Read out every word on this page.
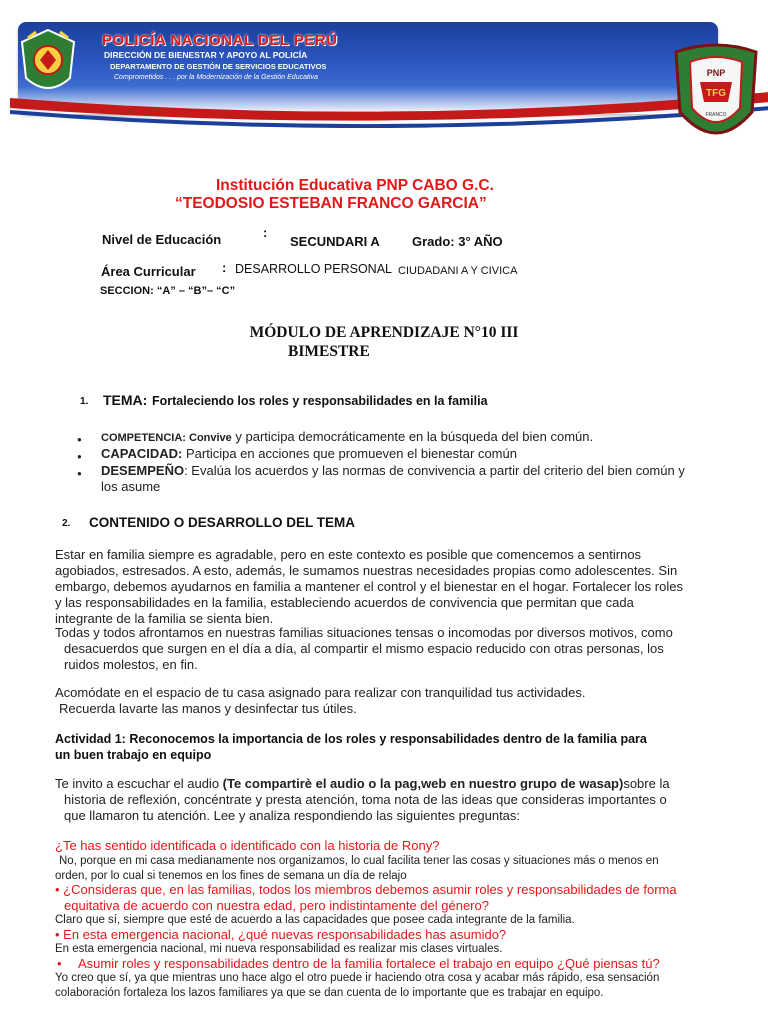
POLICÍA NACIONAL DEL PERÚ
DIRECCIÓN DE BIENESTAR Y APOYO AL POLICÍA
DEPARTAMENTO DE GESTIÓN DE SERVICIOS EDUCATIVOS
Comprometidos . . . por la Modernización de la Gestión Educativa	PNP
TFG
FRANCO
Institución Educativa PNP CABO G.C.
“TEODOSIO ESTEBAN FRANCO GARCIA”
Nivel de Educación	:
SECUNDARI A Grado: 3° AÑO
Área Curricular : DESARROLLO PERSONAL CIUDADANI A Y CIVICA
SECCION: “A” – “B”– “C”
MÓDULO DE APRENDIZAJE N°10 III
BIMESTRE
1. TEMA: Fortaleciendo los roles y responsabilidades en la familia
COMPETENCIA: Convive y participa democráticamente en la búsqueda del bien común.
CAPACIDAD: Participa en acciones que promueven el bienestar común
DESEMPEÑO: Evalúa los acuerdos y las normas de convivencia a partir del criterio del bien común y
los asume
2. CONTENIDO O DESARROLLO DEL TEMA
Estar en familia siempre es agradable, pero en este contexto es posible que comencemos a sentirnos
agobiados, estresados. A esto, además, le sumamos nuestras necesidades propias como adolescentes. Sin
embargo, debemos ayudarnos en familia a mantener el control y el bienestar en el hogar. Fortalecer los roles
y las responsabilidades en la familia, estableciendo acuerdos de convivencia que permitan que cada
integrante de la familia se sienta bien.
Todas y todos afrontamos en nuestras familias situaciones tensas o incomodas por diversos motivos, como
desacuerdos que surgen en el día a día, al compartir el mismo espacio reducido con otras personas, los
ruidos molestos, en fin.
Acomódate en el espacio de tu casa asignado para realizar con tranquilidad tus actividades.
Recuerda lavarte las manos y desinfectar tus útiles.
Actividad 1: Reconocemos la importancia de los roles y responsabilidades dentro de la familia para
un buen trabajo en equipo
Te invito a escuchar el audio (Te compartirè el audio o la pag,web en nuestro grupo de wasap)sobre la
historia de reflexión, concéntrate y presta atención, toma nota de las ideas que consideras importantes o
que llamaron tu atención. Lee y analiza respondiendo las siguientes preguntas:
¿Te has sentido identificada o identificado con la historia de Rony?
No, porque en mi casa medianamente nos organizamos, lo cual facilita tener las cosas y situaciones más o menos en
orden, por lo cual si tenemos en los fines de semana un día de relajo
• ¿Consideras que, en las familias, todos los miembros debemos asumir roles y responsabilidades de forma
equitativa de acuerdo con nuestra edad, pero indistintamente del género?
Claro que sí, siempre que esté de acuerdo a las capacidades que posee cada integrante de la familia.
• En esta emergencia nacional, ¿qué nuevas responsabilidades has asumido?
En esta emergencia nacional, mi nueva responsabilidad es realizar mis clases virtuales.
• Asumir roles y responsabilidades dentro de la familia fortalece el trabajo en equipo ¿Qué piensas tú?
Yo creo que sí, ya que mientras uno hace algo el otro puede ir haciendo otra cosa y acabar más rápido, esa sensación
colaboración fortaleza los lazos familiares ya que se dan cuenta de lo importante que es trabajar en equipo.
